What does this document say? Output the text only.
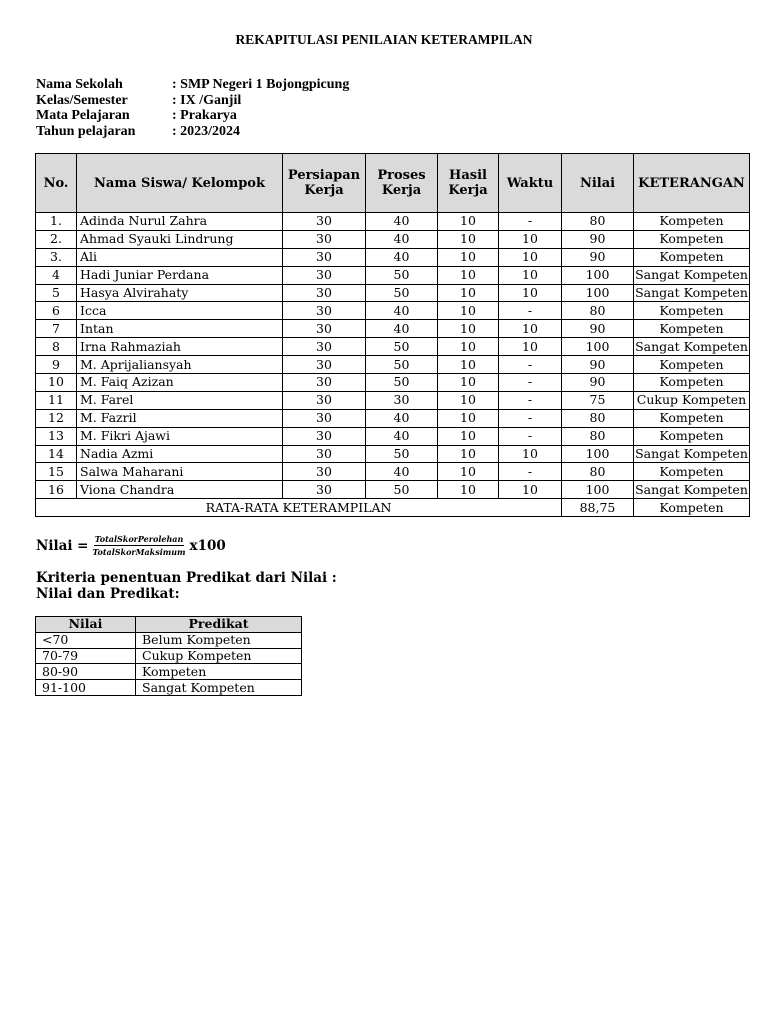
REKAPITULASI PENILAIAN KETERAMPILAN
Nama Sekolah	: SMP Negeri 1 Bojongpicung
Kelas/Semester	: IX /Ganjil
Mata Pelajaran	: Prakarya
Tahun pelajaran	: 2023/2024
No.	Nama Siswa/ Kelompok	Persiapan Kerja	Proses Kerja	Hasil Kerja	Waktu	Nilai	KETERANGAN
1.	Adinda Nurul Zahra	30	40	10	-	80	Kompeten
2.	Ahmad Syauki Lindrung	30	40	10	10	90	Kompeten
3.	Ali	30	40	10	10	90	Kompeten
4	Hadi Juniar Perdana	30	50	10	10	100	Sangat Kompeten
5	Hasya Alvirahaty	30	50	10	10	100	Sangat Kompeten
6	Icca	30	40	10	-	80	Kompeten
7	Intan	30	40	10	10	90	Kompeten
8	Irna Rahmaziah	30	50	10	10	100	Sangat Kompeten
9	M. Aprijaliansyah	30	50	10	-	90	Kompeten
10	M. Faiq Azizan	30	50	10	-	90	Kompeten
11	M. Farel	30	30	10	-	75	Cukup Kompeten
12	M. Fazril	30	40	10	-	80	Kompeten
13	M. Fikri Ajawi	30	40	10	-	80	Kompeten
14	Nadia Azmi	30	50	10	10	100	Sangat Kompeten
15	Salwa Maharani	30	40	10	-	80	Kompeten
16	Viona Chandra	30	50	10	10	100	Sangat Kompeten
RATA-RATA KETERAMPILAN						88,75	Kompeten
Nilai = $\frac{\text{TotalSkorPerolehan}}{\text{TotalSkorMaksimum}} x100$
Kriteria penentuan Predikat dari Nilai :
Nilai dan Predikat:
Nilai	Predikat
<70	Belum Kompeten
70-79	Cukup Kompeten
80-90	Kompeten
91-100	Sangat Kompeten
